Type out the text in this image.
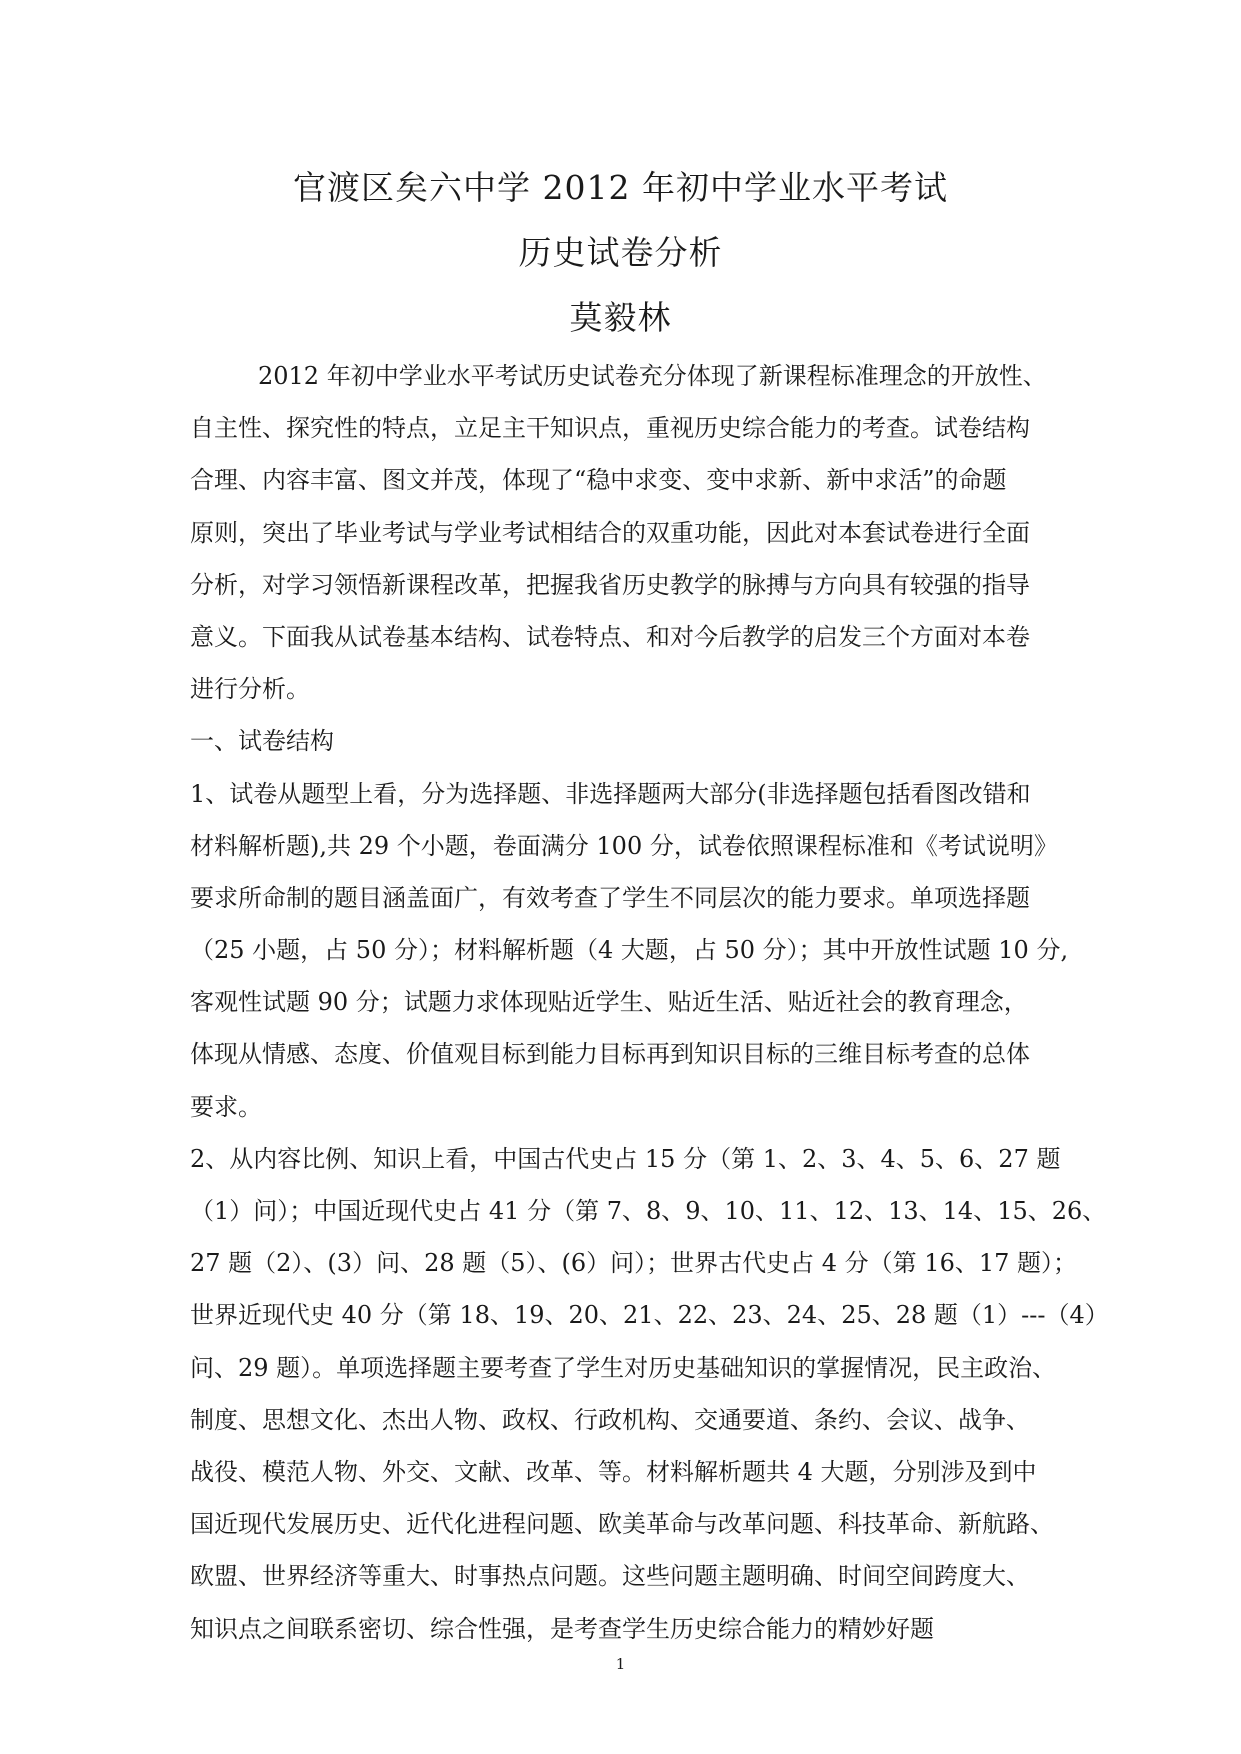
官渡区矣六中学 2012 年初中学业水平考试
历史试卷分析
莫毅林
2012 年初中学业水平考试历史试卷充分体现了新课程标准理念的开放性、
自主性、探究性的特点，立足主干知识点，重视历史综合能力的考查。试卷结构
合理、内容丰富、图文并茂，体现了“稳中求变、变中求新、新中求活”的命题
原则，突出了毕业考试与学业考试相结合的双重功能，因此对本套试卷进行全面
分析，对学习领悟新课程改革，把握我省历史教学的脉搏与方向具有较强的指导
意义。下面我从试卷基本结构、试卷特点、和对今后教学的启发三个方面对本卷
进行分析。
一、试卷结构
1、试卷从题型上看，分为选择题、非选择题两大部分(非选择题包括看图改错和
材料解析题),共 29 个小题，卷面满分 100 分，试卷依照课程标准和《考试说明》
要求所命制的题目涵盖面广，有效考查了学生不同层次的能力要求。单项选择题
（25 小题，占 50 分）；材料解析题（4 大题，占 50 分）；其中开放性试题 10 分,
客观性试题 90 分；试题力求体现贴近学生、贴近生活、贴近社会的教育理念，
体现从情感、态度、价值观目标到能力目标再到知识目标的三维目标考查的总体
要求。
2、从内容比例、知识上看，中国古代史占 15 分（第 1、2、3、4、5、6、27 题
（1）问）；中国近现代史占 41 分（第 7、8、9、10、11、12、13、14、15、26、
27 题（2）、(3）问、28 题（5）、(6）问）；世界古代史占 4 分（第 16、17 题）；
世界近现代史 40 分（第 18、19、20、21、22、23、24、25、28 题（1）---（4）
问、29 题）。单项选择题主要考查了学生对历史基础知识的掌握情况，民主政治、
制度、思想文化、杰出人物、政权、行政机构、交通要道、条约、会议、战争、
战役、模范人物、外交、文献、改革、等。材料解析题共 4 大题，分别涉及到中
国近现代发展历史、近代化进程问题、欧美革命与改革问题、科技革命、新航路、
欧盟、世界经济等重大、时事热点问题。这些问题主题明确、时间空间跨度大、
知识点之间联系密切、综合性强，是考查学生历史综合能力的精妙好题
1
